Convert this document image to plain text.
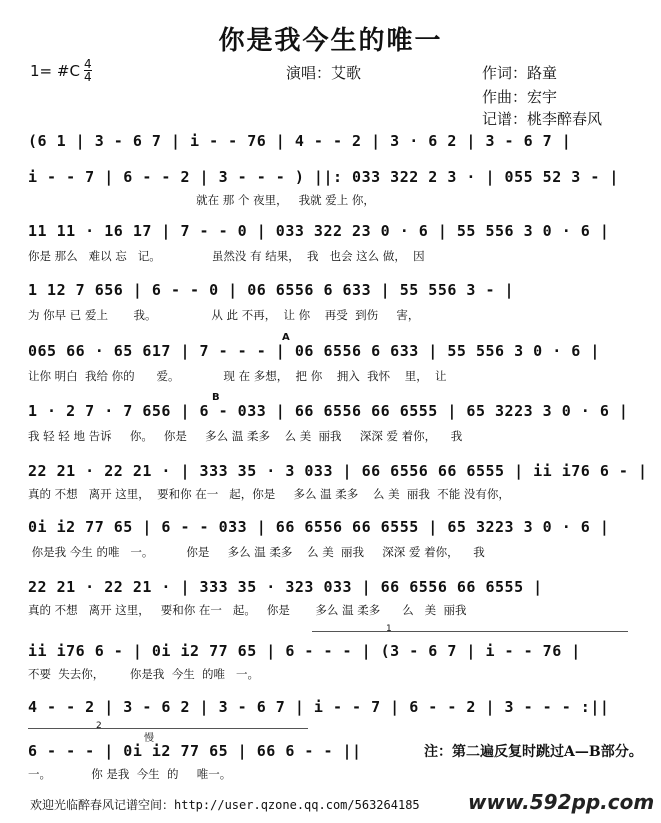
你是我今生的唯一
1= #C $\frac{4}{4}$	演唱：艾歌	作词：路童
作曲：宏宇
记谱：桃李醉春风
(6 1 | 3 - 6 7 | i - - 76 | 4 - - 2 | 3 · 6 2 | 3 - 6 7 |
i - - 7 | 6 - - 2 | 3 - - - ) ||: 033 322 2 3 · | 055 52 3 - |
就在 那 个 夜里，   我就 爱上 你，
11 11 · 16 17 | 7 - - 0 | 033 322 23 0 · 6 | 55 556 3 0 · 6 |
你是 那么   难以 忘   记。              虽然没 有 结果，  我   也会 这么 做，  因
1 12 7 656 | 6 - - 0 | 06 6556 6 633 | 55 556 3 - |
为 你早 已 爱上       我。               从 此 不再，  让 你    再受  到伤     害，
A
065 66 · 65 617 | 7 - - - | 06 6556 6 633 | 55 556 3 0 · 6 |
让你 明白  我给 你的      爱。            现 在 多想，  把 你    拥入  我怀    里，  让
B
1 · 2 7 · 7 656 | 6 - 033 | 66 6556 66 6555 | 65 3223 3 0 · 6 |
我 轻 轻 地 告诉     你。   你是     多么 温 柔多    么 美  丽我     深深 爱 着你，    我
22 21 · 22 21 · | 333 35 · 3 033 | 66 6556 66 6555 | ii i76 6 - |
真的 不想   离开 这里，  要和你 在一   起，你是     多么 温 柔多    么 美  丽我  不能 没有你，
0i i2 77 65 | 6 - - 033 | 66 6556 66 6555 | 65 3223 3 0 · 6 |
你是我 今生 的唯   一。         你是     多么 温 柔多    么 美  丽我     深深 爱 着你，    我
22 21 · 22 21 · | 333 35 · 323 033 | 66 6556 66 6555 |
真的 不想   离开 这里，   要和你 在一   起。   你是       多么 温 柔多      么   美  丽我
1
ii i76 6 - | 0i i2 77 65 | 6 - - - | (3 - 6 7 | i - - 76 |
不要  失去你，       你是我  今生  的唯   一。
4 - - 2 | 3 - 6 2 | 3 - 6 7 | i - - 7 | 6 - - 2 | 3 - - - :||
2
慢
6 - - - | 0i i2 77 65 | 66 6 - - ||
一。           你 是我  今生  的     唯一。
注：第二遍反复时跳过A—B部分。
欢迎光临醉春风记谱空间：http://user.qzone.qq.com/563264185 www.592pp.com
